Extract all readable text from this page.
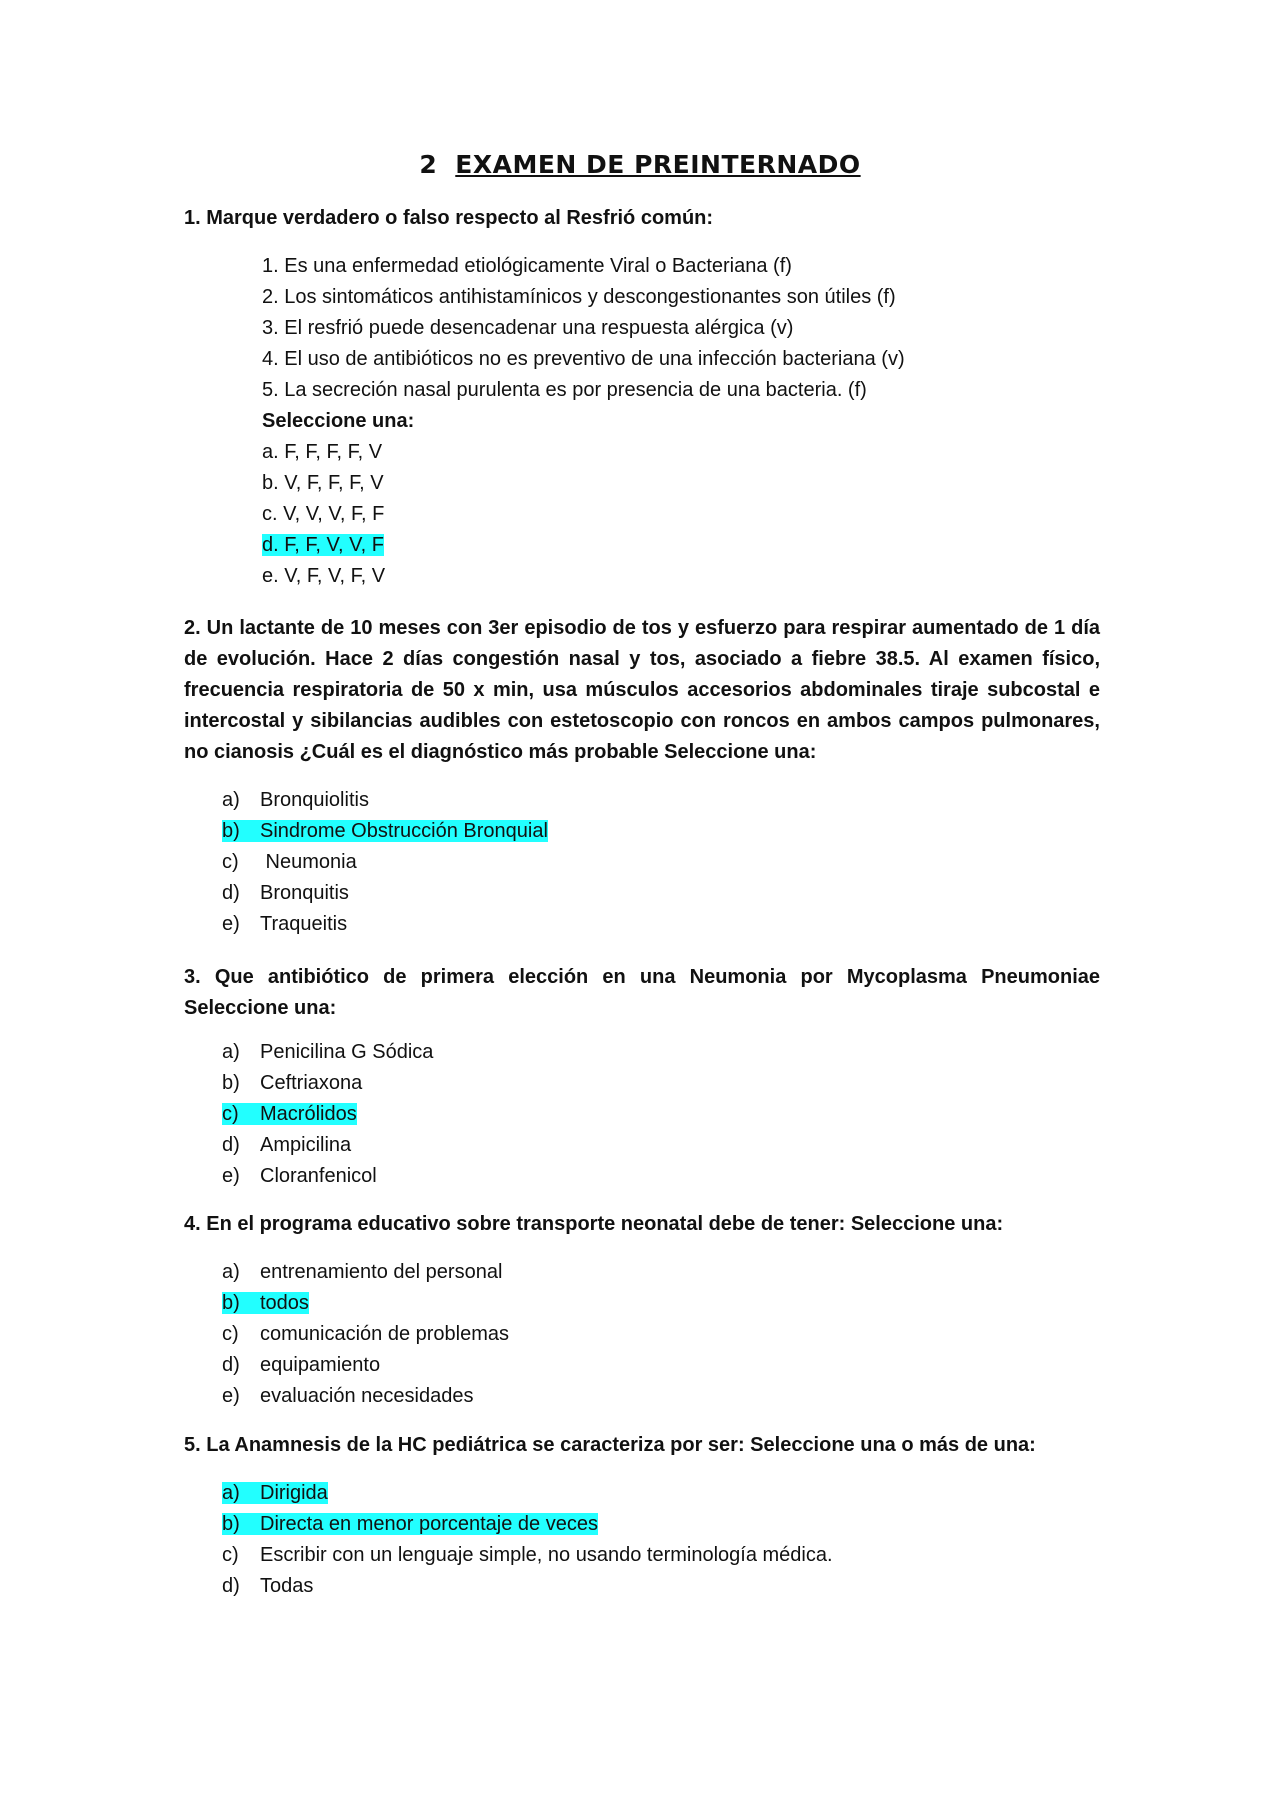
2 EXAMEN DE PREINTERNADO
1. Marque verdadero o falso respecto al Resfrió común:
1. Es una enfermedad etiológicamente Viral o Bacteriana (f)
2. Los sintomáticos antihistamínicos y descongestionantes son útiles (f)
3. El resfrió puede desencadenar una respuesta alérgica (v)
4. El uso de antibióticos no es preventivo de una infección bacteriana (v)
5. La secreción nasal purulenta es por presencia de una bacteria. (f)
Seleccione una:
a. F, F, F, F, V
b. V, F, F, F, V
c. V, V, V, F, F
d. F, F, V, V, F
e. V, F, V, F, V
2. Un lactante de 10 meses con 3er episodio de tos y esfuerzo para respirar aumentado de 1 día de evolución. Hace 2 días congestión nasal y tos, asociado a fiebre 38.5. Al examen físico, frecuencia respiratoria de 50 x min, usa músculos accesorios abdominales tiraje subcostal e intercostal y sibilancias audibles con estetoscopio con roncos en ambos campos pulmonares, no cianosis ¿Cuál es el diagnóstico más probable Seleccione una:
a) Bronquiolitis
b) Sindrome Obstrucción Bronquial
c) Neumonia
d) Bronquitis
e) Traqueitis
3. Que antibiótico de primera elección en una Neumonia por Mycoplasma Pneumoniae Seleccione una:
a) Penicilina G Sódica
b) Ceftriaxona
c) Macrólidos
d) Ampicilina
e) Cloranfenicol
4. En el programa educativo sobre transporte neonatal debe de tener: Seleccione una:
a) entrenamiento del personal
b) todos
c) comunicación de problemas
d) equipamiento
e) evaluación necesidades
5. La Anamnesis de la HC pediátrica se caracteriza por ser: Seleccione una o más de una:
a) Dirigida
b) Directa en menor porcentaje de veces
c) Escribir con un lenguaje simple, no usando terminología médica.
d) Todas
